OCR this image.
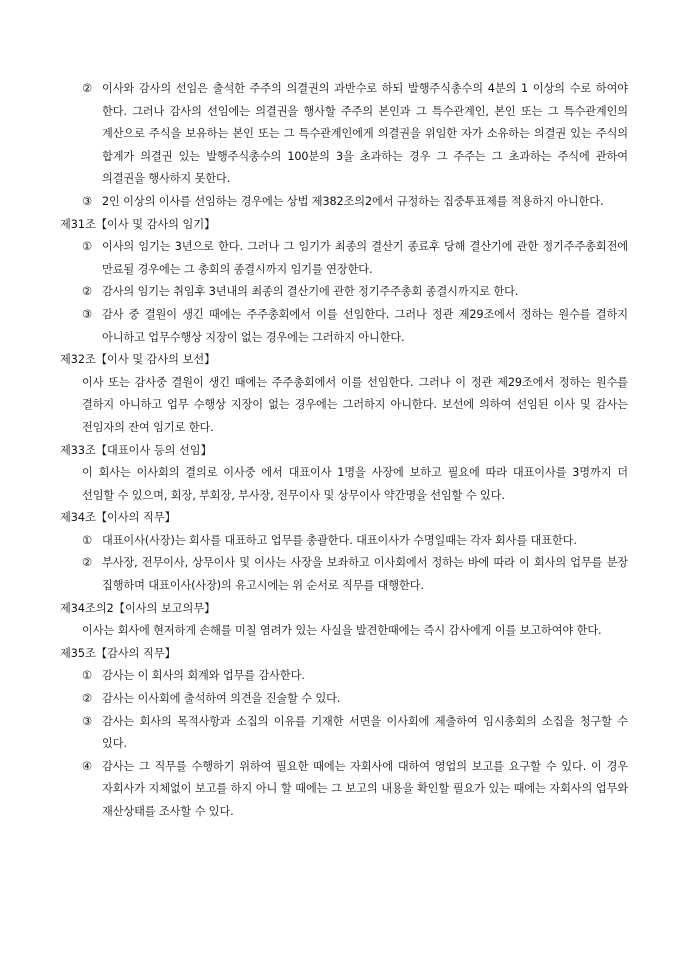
② 이사와 감사의 선임은 출석한 주주의 의결권의 과반수로 하되 발행주식총수의 4분의 1 이상의 수로 하여야 한다. 그러나 감사의 선임에는 의결권을 행사할 주주의 본인과 그 특수관계인, 본인 또는 그 특수관계인의 계산으로 주식을 보유하는 본인 또는 그 특수관계인에게 의결권을 위임한 자가 소유하는 의결권 있는 주식의 합계가 의결권 있는 발행주식총수의 100분의 3을 초과하는 경우 그 주주는 그 초과하는 주식에 관하여 의결권을 행사하지 못한다.
③ 2인 이상의 이사를 선임하는 경우에는 상법 제382조의2에서 규정하는 집중투표제를 적용하지 아니한다.
제31조【이사 및 감사의 임기】
① 이사의 임기는 3년으로 한다. 그러나 그 임기가 최종의 결산기 종료후 당해 결산기에 관한 정기주주총회전에 만료될 경우에는 그 총회의 종결시까지 임기를 연장한다.
② 감사의 임기는 취임후 3년내의 최종의 결산기에 관한 정기주주총회 종결시까지로 한다.
③ 감사 중 결원이 생긴 때에는 주주총회에서 이를 선임한다. 그러나 정관 제29조에서 정하는 원수를 결하지 아니하고 업무수행상 지장이 없는 경우에는 그러하지 아니한다.
제32조【이사 및 감사의 보선】
이사 또는 감사중 결원이 생긴 때에는 주주총회에서 이를 선임한다. 그러나 이 정관 제29조에서 정하는 원수를 결하지 아니하고 업무 수행상 지장이 없는 경우에는 그러하지 아니한다. 보선에 의하여 선임된 이사 및 감사는 전임자의 잔여 임기로 한다.
제33조【대표이사 등의 선임】
이 회사는 이사회의 결의로 이사중 에서 대표이사 1명을 사장에 보하고 필요에 따라 대표이사를 3명까지 더 선임할 수 있으며, 회장, 부회장, 부사장, 전무이사 및 상무이사 약간명을 선임할 수 있다.
제34조【이사의 직무】
① 대표이사(사장)는 회사를 대표하고 업무를 총괄한다. 대표이사가 수명일때는 각자 회사를 대표한다.
② 부사장, 전무이사, 상무이사 및 이사는 사장을 보좌하고 이사회에서 정하는 바에 따라 이 회사의 업무를 분장 집행하며 대표이사(사장)의 유고시에는 위 순서로 직무를 대행한다.
제34조의2【이사의 보고의무】
이사는 회사에 현저하게 손해를 미칠 염려가 있는 사실을 발견한때에는 즉시 감사에게 이를 보고하여야 한다.
제35조【감사의 직무】
① 감사는 이 회사의 회계와 업무를 감사한다.
② 감사는 이사회에 출석하여 의견을 진술할 수 있다.
③ 감사는 회사의 목적사항과 소집의 이유를 기재한 서면을 이사회에 제출하여 임시총회의 소집을 청구할 수 있다.
④ 감사는 그 직무를 수행하기 위하여 필요한 때에는 자회사에 대하여 영업의 보고를 요구할 수 있다. 이 경우 자회사가 지체없이 보고를 하지 아니 할 때에는 그 보고의 내용을 확인할 필요가 있는 때에는 자회사의 업무와 재산상태를 조사할 수 있다.
